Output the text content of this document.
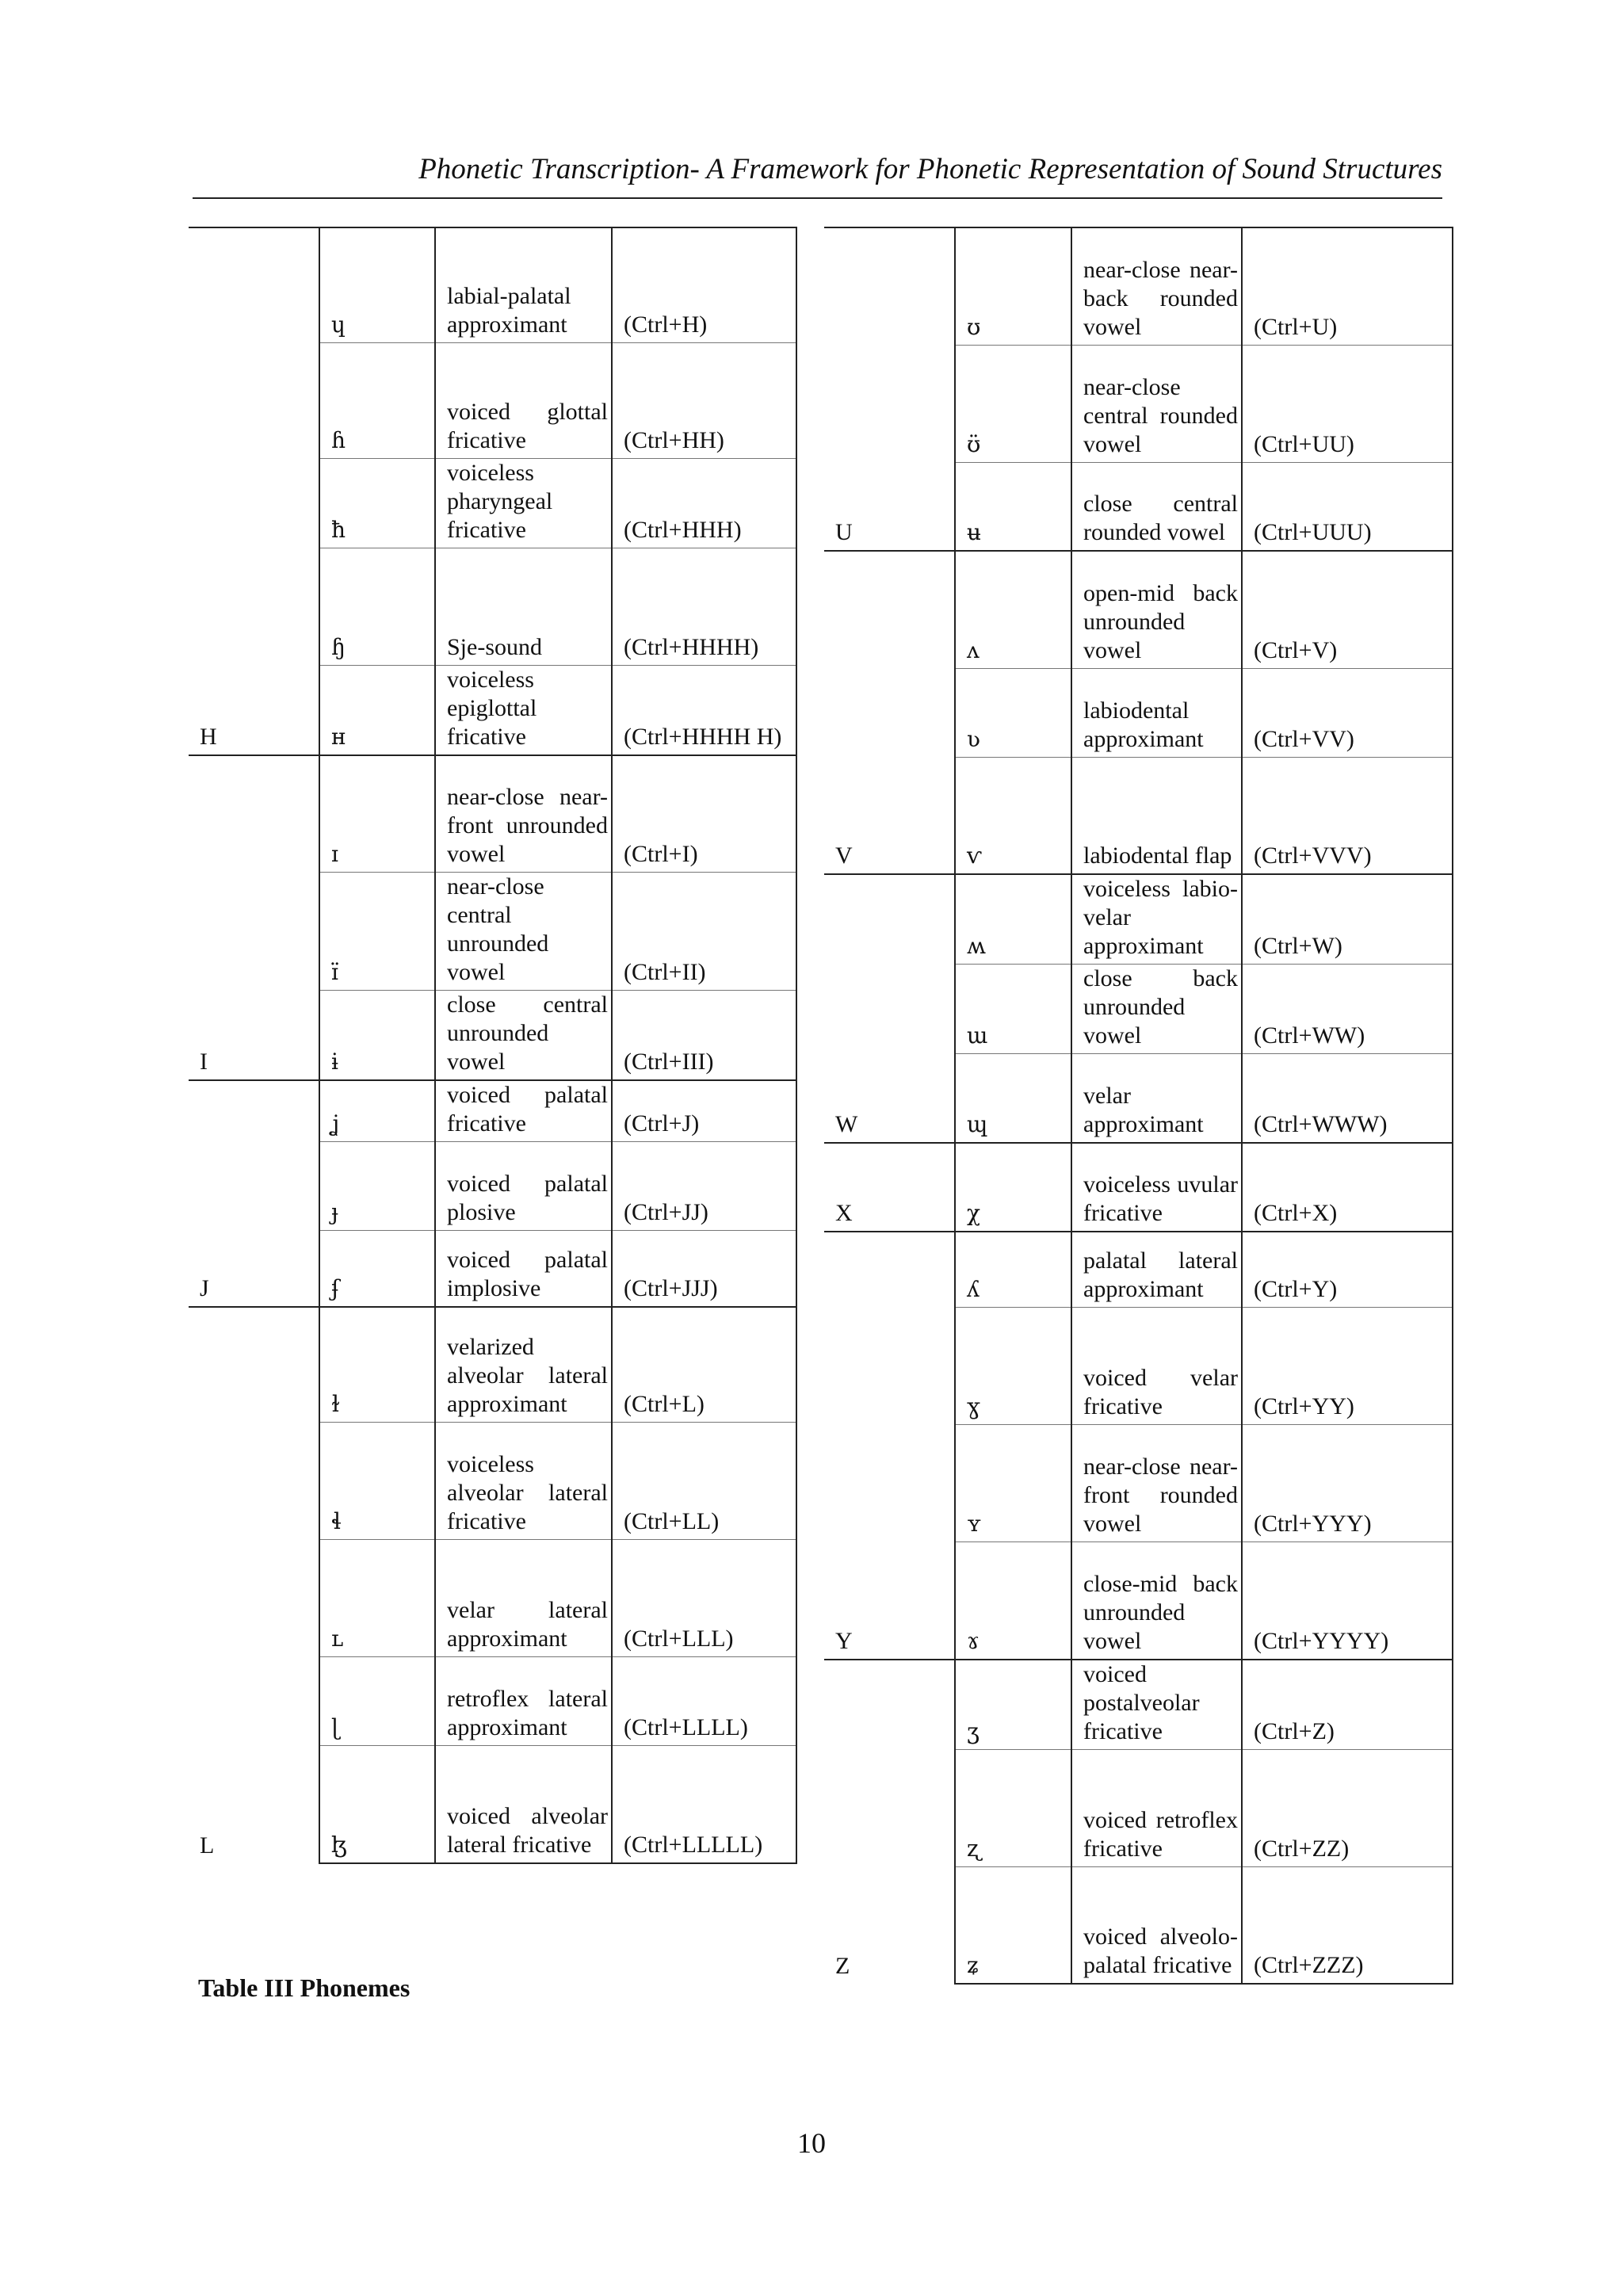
Phonetic Transcription- A Framework for Phonetic Representation of Sound Structures
H	ɥ	labial-palatal approximant	(Ctrl+H)
	ɦ	voiced glottal fricative	(Ctrl+HH)
	ħ	voiceless pharyngeal fricative	(Ctrl+HHH)
	ɧ	Sje-sound	(Ctrl+HHHH)
	ʜ	voiceless epiglottal fricative	(Ctrl+HHHH H)
I	ɪ	near-close near-front unrounded vowel	(Ctrl+I)
	ɪ̈	near-close central unrounded vowel	(Ctrl+II)
	ɨ	close central unrounded vowel	(Ctrl+III)
J	ʝ	voiced palatal fricative	(Ctrl+J)
	ɟ	voiced palatal plosive	(Ctrl+JJ)
	ʄ	voiced palatal implosive	(Ctrl+JJJ)
L	ɫ	velarized alveolar lateral approximant	(Ctrl+L)
	ɬ	voiceless alveolar lateral fricative	(Ctrl+LL)
	ʟ	velar lateral approximant	(Ctrl+LLL)
	ɭ	retroflex lateral approximant	(Ctrl+LLLL)
	ɮ	voiced alveolar lateral fricative	(Ctrl+LLLLL)
U	ʊ	near-close near-back rounded vowel	(Ctrl+U)
	ʊ̈	near-close central rounded vowel	(Ctrl+UU)
	ʉ	close central rounded vowel	(Ctrl+UUU)
V	ʌ	open-mid back unrounded vowel	(Ctrl+V)
	ʋ	labiodental approximant	(Ctrl+VV)
	ⱱ	labiodental flap	(Ctrl+VVV)
W	ʍ	voiceless labio-velar approximant	(Ctrl+W)
	ɯ	close back unrounded vowel	(Ctrl+WW)
	ɰ	velar approximant	(Ctrl+WWW)
X	χ	voiceless uvular fricative	(Ctrl+X)
Y	ʎ	palatal lateral approximant	(Ctrl+Y)
	ɣ	voiced velar fricative	(Ctrl+YY)
	ʏ	near-close near-front rounded vowel	(Ctrl+YYY)
	ɤ	close-mid back unrounded vowel	(Ctrl+YYYY)
Z	ʒ	voiced postalveolar fricative	(Ctrl+Z)
	ʐ	voiced retroflex fricative	(Ctrl+ZZ)
	ʑ	voiced alveolo-palatal fricative	(Ctrl+ZZZ)
Table III Phonemes
10
